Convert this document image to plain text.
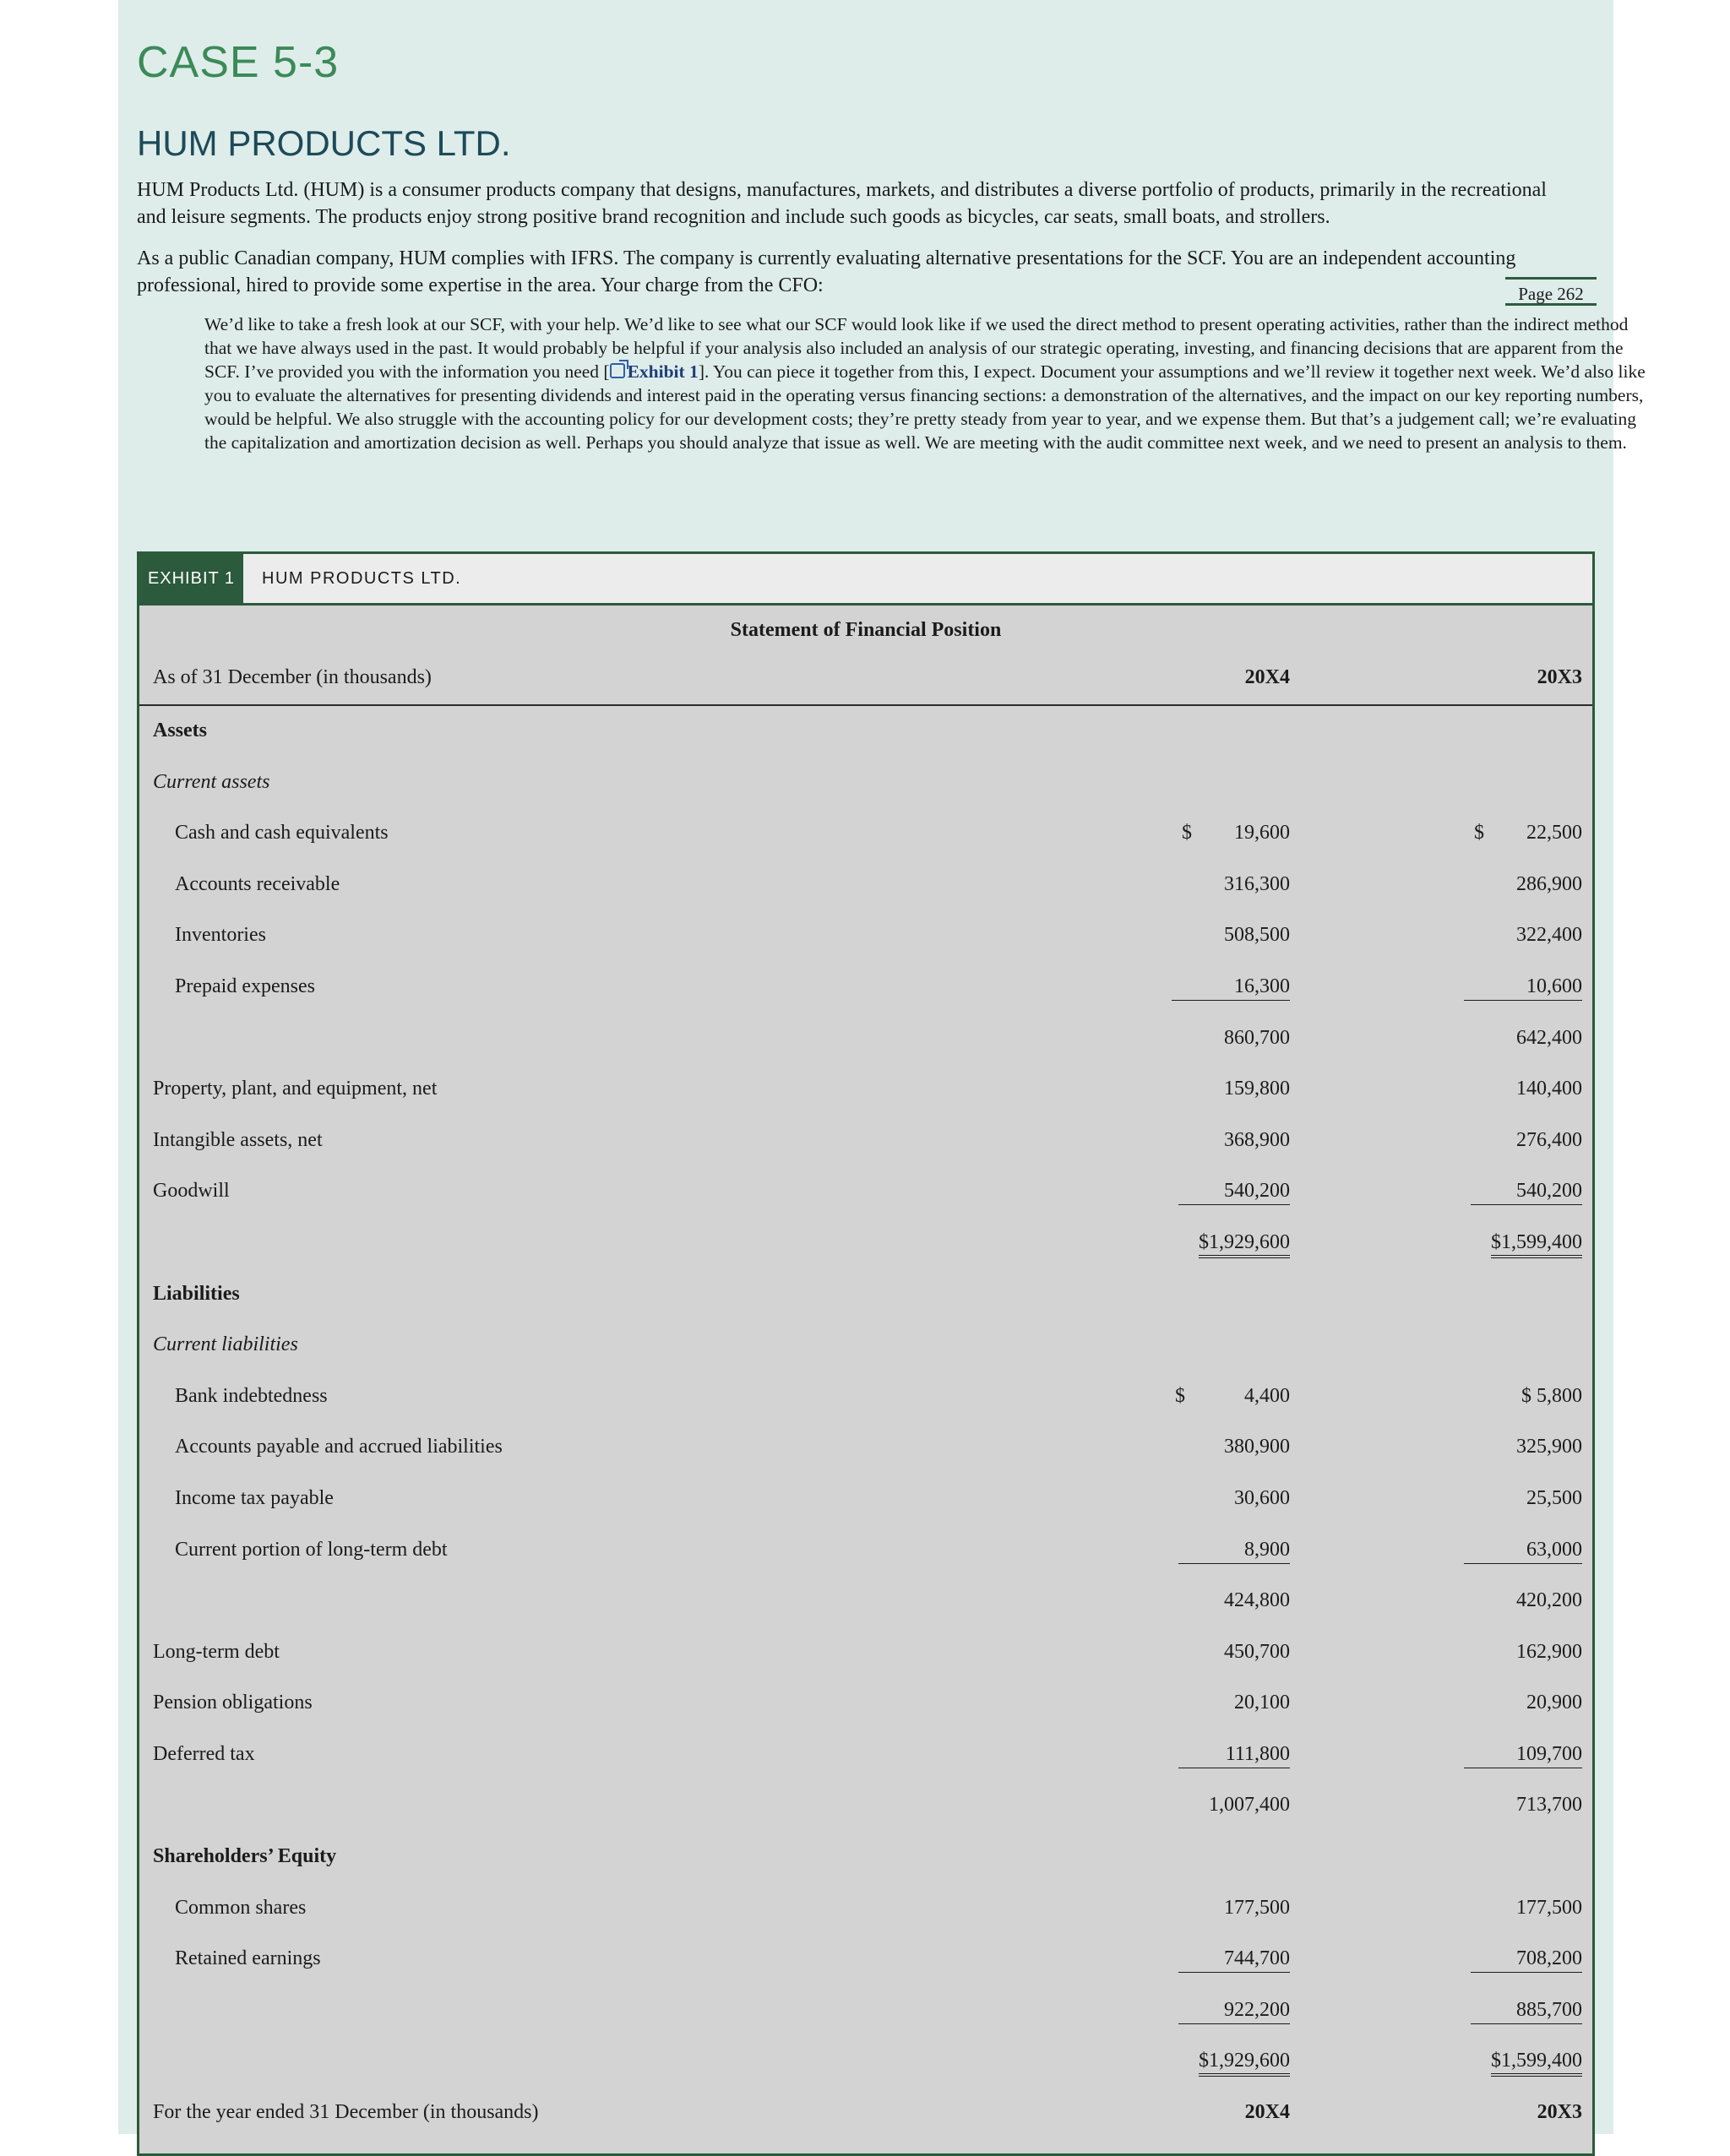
CASE 5-3
HUM PRODUCTS LTD.

HUM Products Ltd. (HUM) is a consumer products company that designs, manufactures, markets, and distributes a diverse portfolio of products, primarily in the recreational and leisure segments. The products enjoy strong positive brand recognition and include such goods as bicycles, car seats, small boats, and strollers.

As a public Canadian company, HUM complies with IFRS. The company is currently evaluating alternative presentations for the SCF. You are an independent accounting professional, hired to provide some expertise in the area. Your charge from the CFO:	Page 262

We’d like to take a fresh look at our SCF, with your help. We’d like to see what our SCF would look like if we used the direct method to present operating activities, rather than the indirect method that we have always used in the past. It would probably be helpful if your analysis also included an analysis of our strategic operating, investing, and financing decisions that are apparent from the SCF. I’ve provided you with the information you need [ Exhibit 1]. You can piece it together from this, I expect. Document your assumptions and we’ll review it together next week. We’d also like you to evaluate the alternatives for presenting dividends and interest paid in the operating versus financing sections: a demonstration of the alternatives, and the impact on our key reporting numbers, would be helpful. We also struggle with the accounting policy for our development costs; they’re pretty steady from year to year, and we expense them. But that’s a judgement call; we’re evaluating the capitalization and amortization decision as well. Perhaps you should analyze that issue as well. We are meeting with the audit committee next week, and we need to present an analysis to them.

EXHIBIT 1	HUM PRODUCTS LTD.
Statement of Financial Position
As of 31 December (in thousands)	20X4	20X3
Assets
Current assets
Cash and cash equivalents	$ 19,600	$ 22,500
Accounts receivable	316,300	286,900
Inventories	508,500	322,400
Prepaid expenses	16,300	10,600
860,700	642,400
Property, plant, and equipment, net	159,800	140,400
Intangible assets, net	368,900	276,400
Goodwill	540,200	540,200
$1,929,600	$1,599,400
Liabilities
Current liabilities
Bank indebtedness	$	4,400	$ 5,800
Accounts payable and accrued liabilities	380,900	325,900
Income tax payable	30,600	25,500
Current portion of long-term debt	8,900	63,000
424,800	420,200
Long-term debt	450,700	162,900
Pension obligations	20,100	20,900
Deferred tax	111,800	109,700
1,007,400	713,700
Shareholders’ Equity
Common shares	177,500	177,500
Retained earnings	744,700	708,200
922,200	885,700
$1,929,600	$1,599,400
For the year ended 31 December (in thousands)	20X4	20X3
